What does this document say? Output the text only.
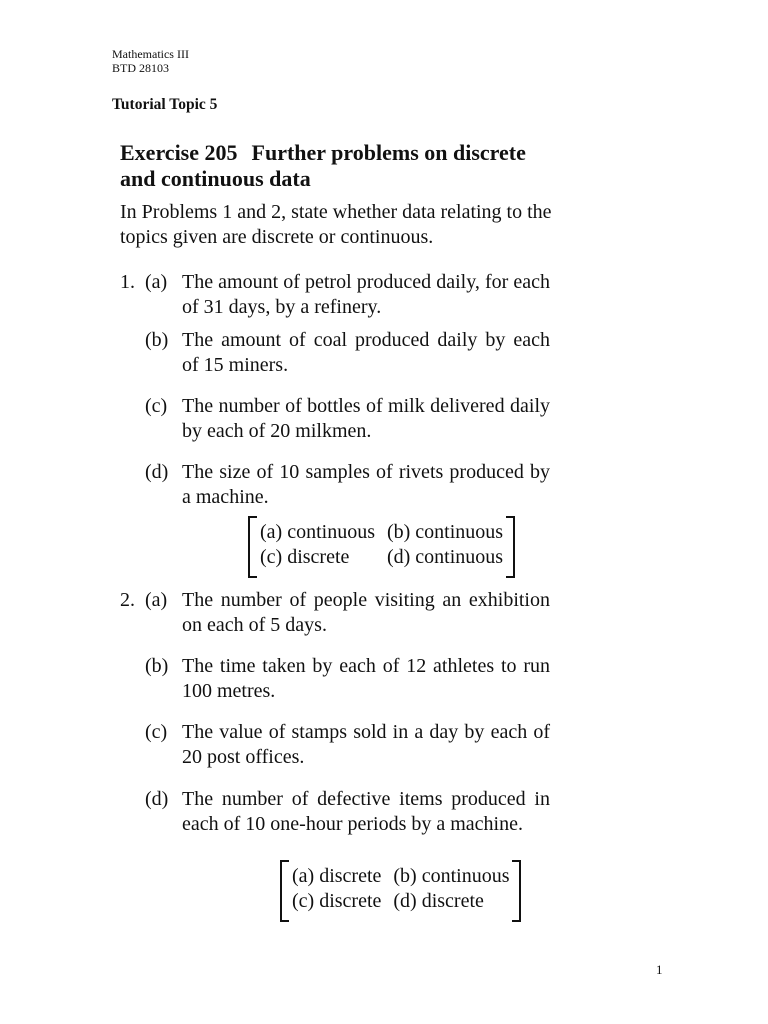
Mathematics III
BTD 28103
Tutorial Topic 5
Exercise 205 Further problems on discrete and continuous data
In Problems 1 and 2, state whether data relating to the topics given are discrete or continuous.
1. (a) The amount of petrol produced daily, for each of 31 days, by a refinery.
(b) The amount of coal produced daily by each of 15 miners.
(c) The number of bottles of milk delivered daily by each of 20 milkmen.
(d) The size of 10 samples of rivets produced by a machine.
(a) continuous	(b) continuous
(c) discrete	(d) continuous
2. (a) The number of people visiting an exhibition on each of 5 days.
(b) The time taken by each of 12 athletes to run 100 metres.
(c) The value of stamps sold in a day by each of 20 post offices.
(d) The number of defective items produced in each of 10 one-hour periods by a machine.
(a) discrete	(b) continuous
(c) discrete	(d) discrete
1
